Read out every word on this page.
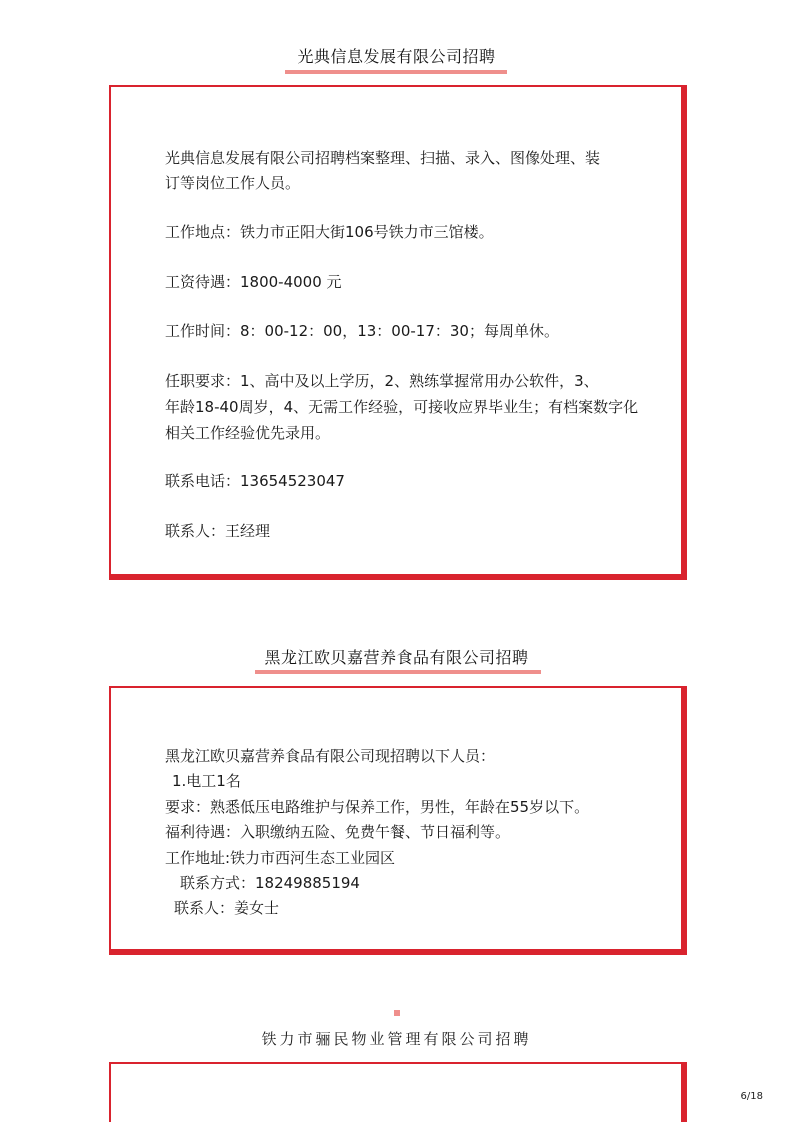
光典信息发展有限公司招聘
光典信息发展有限公司招聘档案整理、扫描、录入、图像处理、装
订等岗位工作人员。
工作地点：铁力市正阳大街106号铁力市三馆楼。
工资待遇：1800-4000 元
工作时间：8：00-12：00，13：00-17：30；每周单休。
任职要求：1、高中及以上学历，2、熟练掌握常用办公软件，3、
年龄18-40周岁，4、无需工作经验，可接收应界毕业生；有档案数字化
相关工作经验优先录用。
联系电话：13654523047
联系人：王经理
黑龙江欧贝嘉营养食品有限公司招聘
黑龙江欧贝嘉营养食品有限公司现招聘以下人员：
1.电工1名
要求：熟悉低压电路维护与保养工作，男性，年龄在55岁以下。
福利待遇：入职缴纳五险、免费午餐、节日福利等。
工作地址:铁力市西河生态工业园区
联系方式：18249885194
联系人：姜女士
铁力市骊民物业管理有限公司招聘
6/18
